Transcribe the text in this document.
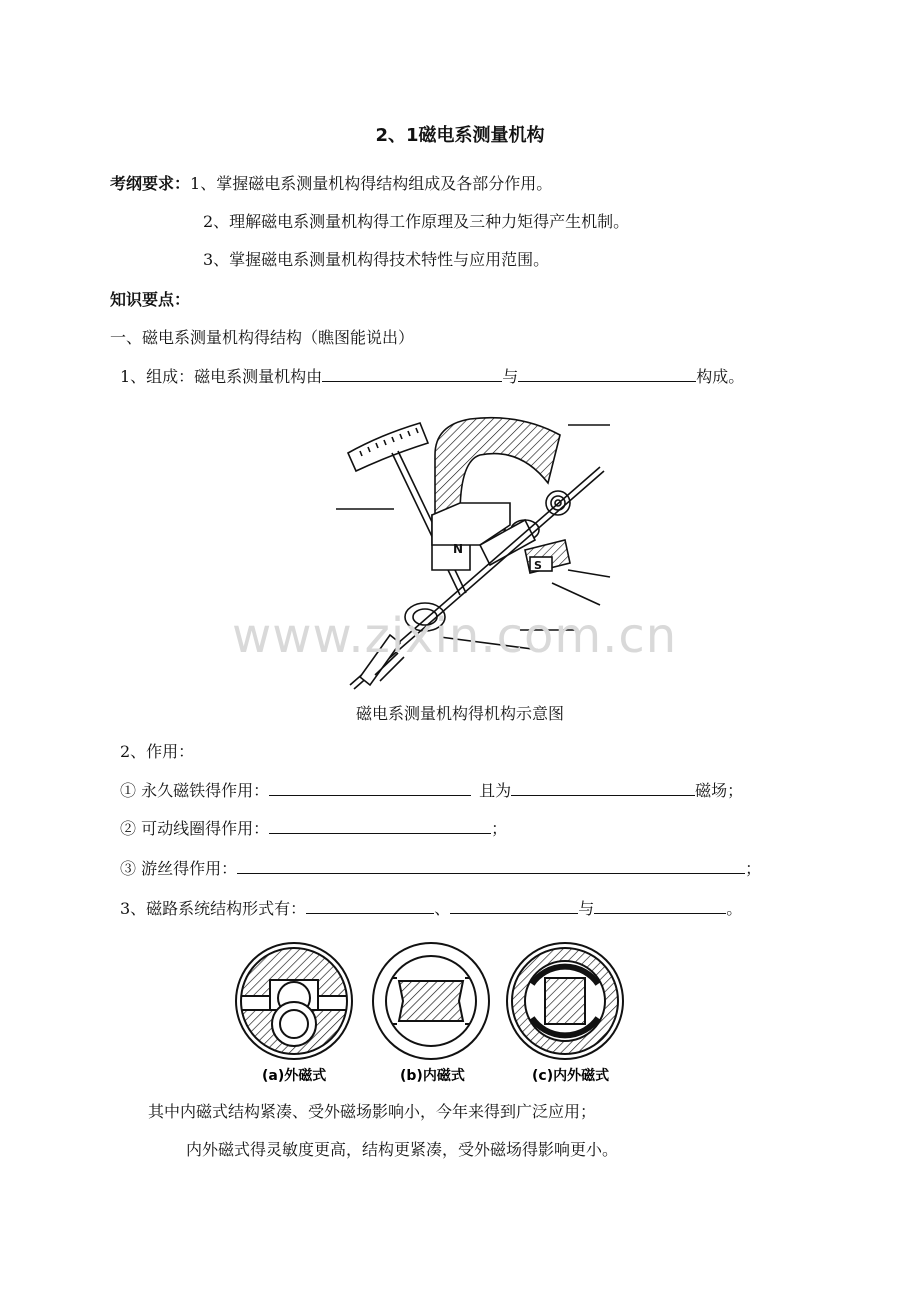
2、1磁电系测量机构
考纲要求：1、掌握磁电系测量机构得结构组成及各部分作用。
2、理解磁电系测量机构得工作原理及三种力矩得产生机制。
3、掌握磁电系测量机构得技术特性与应用范围。
知识要点：
一、磁电系测量机构得结构（瞧图能说出）
1、组成：磁电系测量机构由	与	构成。
N
S
www.zixin.com.cn
磁电系测量机构得机构示意图
2、作用：
① 永久磁铁得作用：	且为	磁场；
② 可动线圈得作用：	；
③ 游丝得作用：	；
3、磁路系统结构形式有：	、	与	。
(a)外磁式	(b)内磁式	(c)内外磁式
其中内磁式结构紧凑、受外磁场影响小，今年来得到广泛应用；
内外磁式得灵敏度更高，结构更紧凑，受外磁场得影响更小。
